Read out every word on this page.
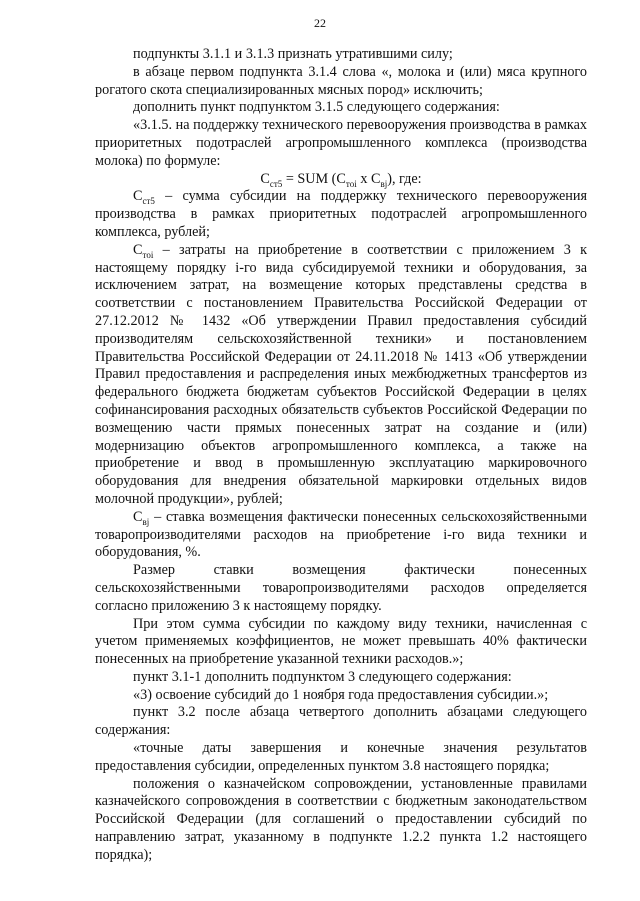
22

подпункты 3.1.1 и 3.1.3 признать утратившими силу;

в абзаце первом подпункта 3.1.4 слова «, молока и (или) мяса крупного рогатого скота специализированных мясных пород» исключить;

дополнить пункт подпунктом 3.1.5 следующего содержания:

«3.1.5. на поддержку технического перевооружения производства в рамках приоритетных подотраслей агропромышленного комплекса (производства молока) по формуле:

$С_{ст5}$ = SUM ($С_{тoi}$ х $С_{вj}$), где:

$С_{ст5}$ – сумма субсидии на поддержку технического перевооружения производства в рамках приоритетных подотраслей агропромышленного комплекса, рублей;

$С_{тoi}$ – затраты на приобретение в соответствии с приложением 3 к настоящему порядку i-го вида субсидируемой техники и оборудования, за исключением затрат, на возмещение которых представлены средства в соответствии с постановлением Правительства Российской Федерации от 27.12.2012 № 1432 «Об утверждении Правил предоставления субсидий производителям сельскохозяйственной техники» и постановлением Правительства Российской Федерации от 24.11.2018 № 1413 «Об утверждении Правил предоставления и распределения иных межбюджетных трансфертов из федерального бюджета бюджетам субъектов Российской Федерации в целях софинансирования расходных обязательств субъектов Российской Федерации по возмещению части прямых понесенных затрат на создание и (или) модернизацию объектов агропромышленного комплекса, а также на приобретение и ввод в промышленную эксплуатацию маркировочного оборудования для внедрения обязательной маркировки отдельных видов молочной продукции», рублей;

$С_{вj}$ – ставка возмещения фактически понесенных сельскохозяйственными товаропроизводителями расходов на приобретение i-го вида техники и оборудования, %.

Размер ставки возмещения фактически понесенных сельскохозяйственными товаропроизводителями расходов определяется согласно приложению 3 к настоящему порядку.

При этом сумма субсидии по каждому виду техники, начисленная с учетом применяемых коэффициентов, не может превышать 40% фактически понесенных на приобретение указанной техники расходов.»;

пункт 3.1-1 дополнить подпунктом 3 следующего содержания:

«3) освоение субсидий до 1 ноября года предоставления субсидии.»;

пункт 3.2 после абзаца четвертого дополнить абзацами следующего содержания:

«точные даты завершения и конечные значения результатов предоставления субсидии, определенных пунктом 3.8 настоящего порядка;

положения о казначейском сопровождении, установленные правилами казначейского сопровождения в соответствии с бюджетным законодательством Российской Федерации (для соглашений о предоставлении субсидий по направлению затрат, указанному в подпункте 1.2.2 пункта 1.2 настоящего порядка);
